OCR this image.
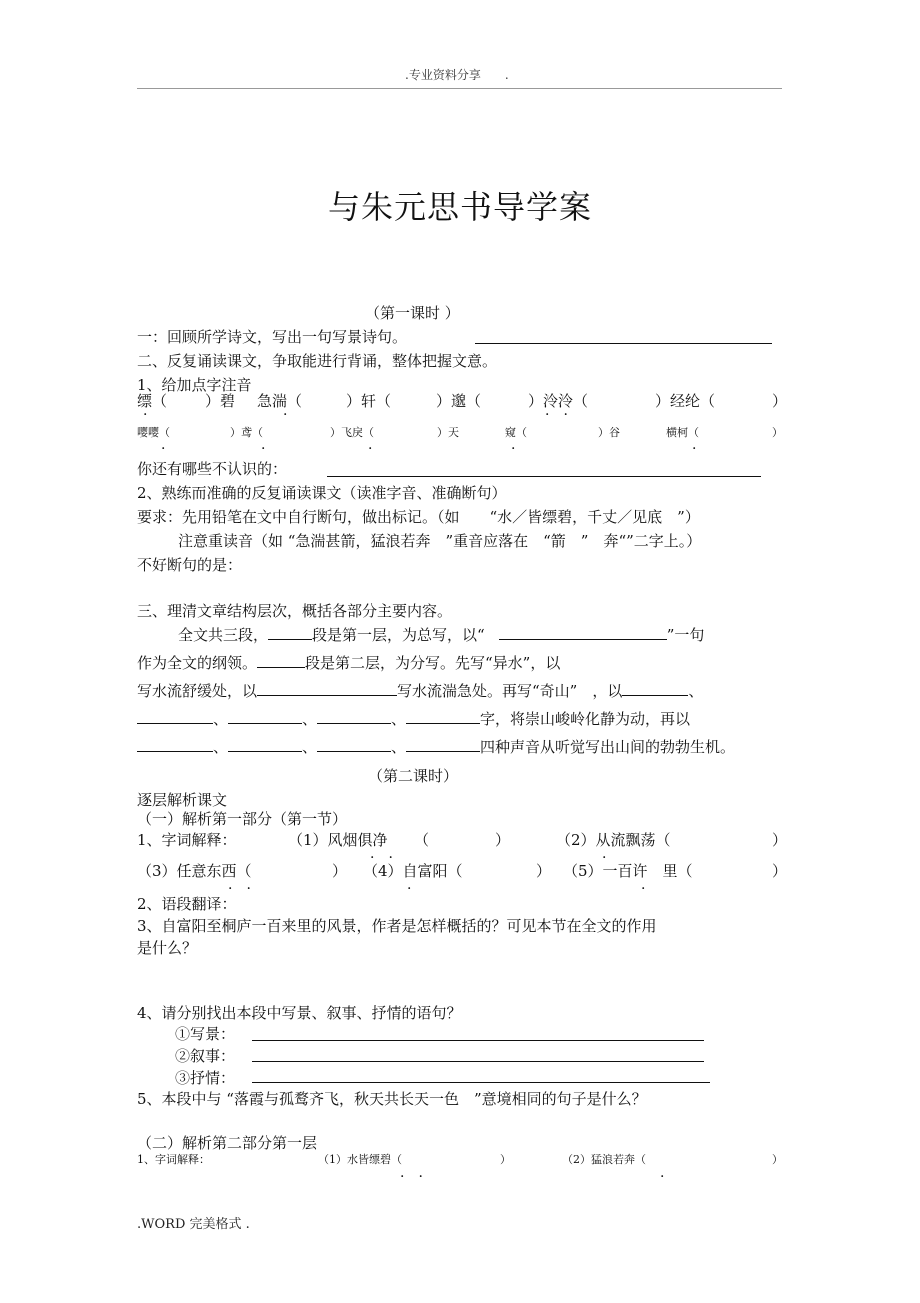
.专业资料分享　　.
与朱元思书导学案
（第一课时 ）
一：回顾所学诗文，写出一句写景诗句。
二、反复诵读课文，争取能进行背诵，整体把握文意。
1、给加点字注音
缥（	）碧 急湍（	）轩（	）邈（	）泠泠（	）经纶（	）
·	·	·　·
嘤嘤（	）鸢（	）飞戾（	）天	窥（	）谷	横柯（	）
·	·	·	·	·
你还有哪些不认识的：
2、熟练而准确的反复诵读课文（读准字音、准确断句）
要求：先用铅笔在文中自行断句，做出标记。（如　　“水／皆缥碧，千丈／见底　”）
注意重读音（如 “急湍甚箭，猛浪若奔　”重音应落在　“箭　”　奔“”二字上。）
不好断句的是：
三、理清文章结构层次，概括各部分主要内容。
全文共三段，	段是第一层，为总写，以“	”一句
作为全文的纲领。	段是第二层，为分写。先写“异水”，以
写水流舒缓处，以	写水流湍急处。再写“奇山”　，以	、
、	、	、	字，将崇山峻岭化静为动，再以
、	、	、	四种声音从听觉写出山间的勃勃生机。
（第二课时）
逐层解析课文
（一）解析第一部分（第一节）
1、字词解释：	（1）风烟俱净 （	）	（2）从流飘荡（	）
·　·	·
（3）任意东西（	） （4）自富阳（	） （5）一百许　里（	）
·　·	·	·
2、语段翻译：
3、自富阳至桐庐一百来里的风景，作者是怎样概括的？可见本节在全文的作用
是什么？
4、请分别找出本段中写景、叙事、抒情的语句？
①写景：
②叙事：
③抒情：
5、本段中与 “落霞与孤鹜齐飞，秋天共长天一色　”意境相同的句子是什么？
（二）解析第二部分第一层
1、字词解释：	（1）水皆缥碧（	）	（2）猛浪若奔（	）
·　·	·
.WORD 完美格式 .
